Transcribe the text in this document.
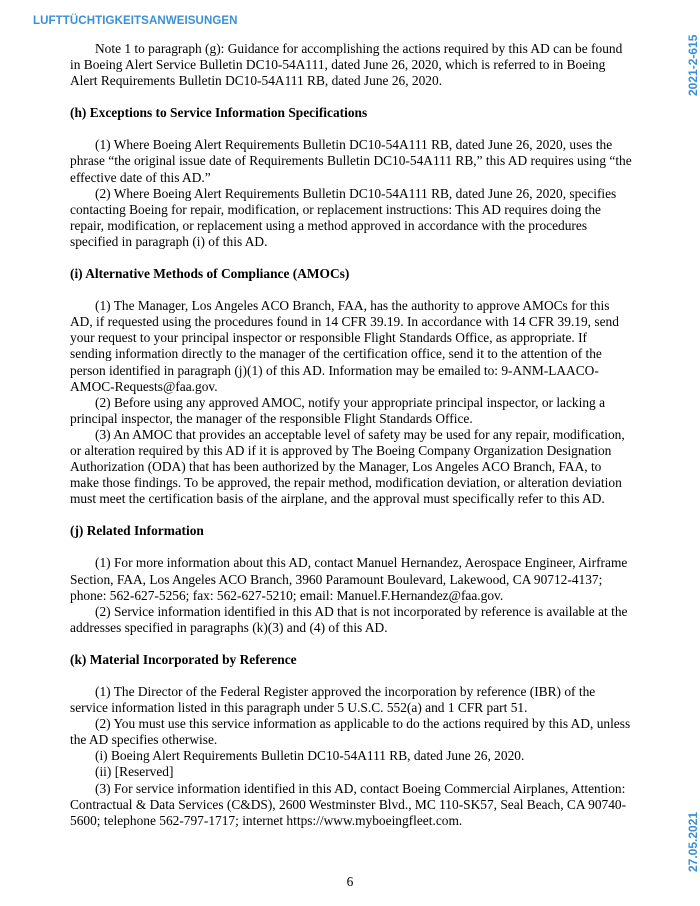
LUFTTÜCHTIGKEITSANWEISUNGEN
2021-2-615
27.05.2021

Note 1 to paragraph (g): Guidance for accomplishing the actions required by this AD can be found in Boeing Alert Service Bulletin DC10-54A111, dated June 26, 2020, which is referred to in Boeing Alert Requirements Bulletin DC10-54A111 RB, dated June 26, 2020.

(h) Exceptions to Service Information Specifications

(1) Where Boeing Alert Requirements Bulletin DC10-54A111 RB, dated June 26, 2020, uses the phrase “the original issue date of Requirements Bulletin DC10-54A111 RB,” this AD requires using “the effective date of this AD.”

(2) Where Boeing Alert Requirements Bulletin DC10-54A111 RB, dated June 26, 2020, specifies contacting Boeing for repair, modification, or replacement instructions: This AD requires doing the repair, modification, or replacement using a method approved in accordance with the procedures specified in paragraph (i) of this AD.

(i) Alternative Methods of Compliance (AMOCs)

(1) The Manager, Los Angeles ACO Branch, FAA, has the authority to approve AMOCs for this AD, if requested using the procedures found in 14 CFR 39.19. In accordance with 14 CFR 39.19, send your request to your principal inspector or responsible Flight Standards Office, as appropriate. If sending information directly to the manager of the certification office, send it to the attention of the person identified in paragraph (j)(1) of this AD. Information may be emailed to: 9-ANM-LAACO-AMOC-Requests@faa.gov.

(2) Before using any approved AMOC, notify your appropriate principal inspector, or lacking a principal inspector, the manager of the responsible Flight Standards Office.

(3) An AMOC that provides an acceptable level of safety may be used for any repair, modification, or alteration required by this AD if it is approved by The Boeing Company Organization Designation Authorization (ODA) that has been authorized by the Manager, Los Angeles ACO Branch, FAA, to make those findings. To be approved, the repair method, modification deviation, or alteration deviation must meet the certification basis of the airplane, and the approval must specifically refer to this AD.

(j) Related Information

(1) For more information about this AD, contact Manuel Hernandez, Aerospace Engineer, Airframe Section, FAA, Los Angeles ACO Branch, 3960 Paramount Boulevard, Lakewood, CA 90712-4137; phone: 562-627-5256; fax: 562-627-5210; email: Manuel.F.Hernandez@faa.gov.

(2) Service information identified in this AD that is not incorporated by reference is available at the addresses specified in paragraphs (k)(3) and (4) of this AD.

(k) Material Incorporated by Reference

(1) The Director of the Federal Register approved the incorporation by reference (IBR) of the service information listed in this paragraph under 5 U.S.C. 552(a) and 1 CFR part 51.

(2) You must use this service information as applicable to do the actions required by this AD, unless the AD specifies otherwise.

(i) Boeing Alert Requirements Bulletin DC10-54A111 RB, dated June 26, 2020.

(ii) [Reserved]

(3) For service information identified in this AD, contact Boeing Commercial Airplanes, Attention: Contractual & Data Services (C&DS), 2600 Westminster Blvd., MC 110-SK57, Seal Beach, CA 90740-5600; telephone 562-797-1717; internet https://www.myboeingfleet.com.

6
